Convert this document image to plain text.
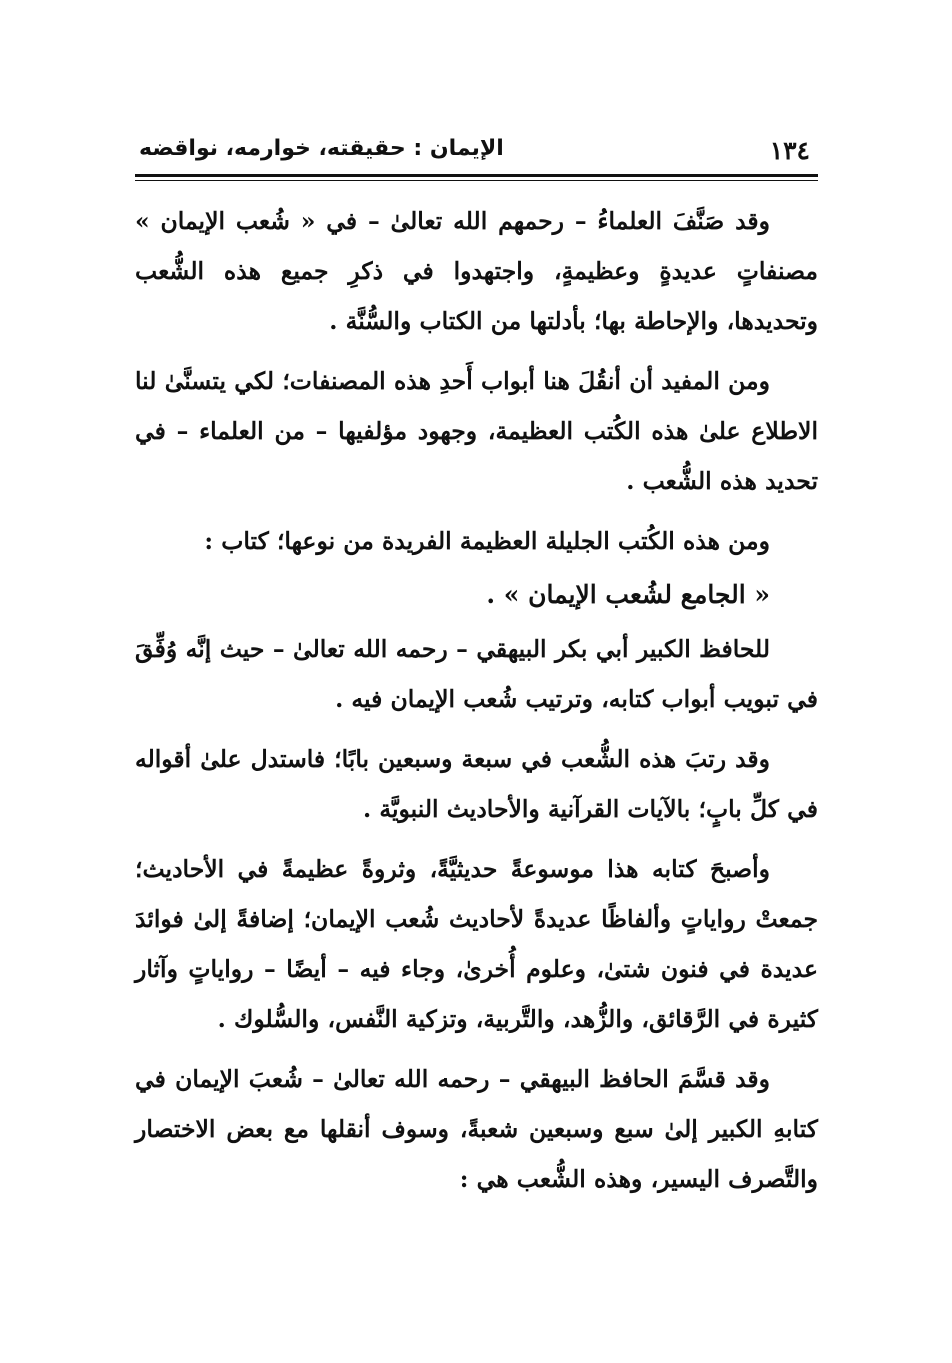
١٣٤
الإيمان : حقيقته، خوارمه، نواقضه

وقد صَنَّفَ العلماءُ – رحمهم الله تعالىٰ – في « شُعب الإيمان » مصنفاتٍ عديدةٍ وعظيمةٍ، واجتهدوا في ذكرِ جميع هذه الشُّعب وتحديدها، والإحاطة بها؛ بأدلتها من الكتاب والسُّنَّة .

ومن المفيد أن أنقُلَ هنا أبواب أَحدِ هذه المصنفات؛ لكي يتسنَّىٰ لنا الاطلاع علىٰ هذه الكُتب العظيمة، وجهود مؤلفيها – من العلماء – في تحديد هذه الشُّعب .

ومن هذه الكُتب الجليلة العظيمة الفريدة من نوعها؛ كتاب :

« الجامع لشُعب الإيمان » .

للحافظ الكبير أبي بكر البيهقي – رحمه الله تعالىٰ – حيث إنَّه وُفِّقَ في تبويب أبواب كتابه، وترتيب شُعب الإيمان فيه .

وقد رتبَ هذه الشُّعب في سبعة وسبعين بابًا؛ فاستدل علىٰ أقواله في كلِّ بابٍ؛ بالآيات القرآنية والأحاديث النبويَّة .

وأصبحَ كتابه هذا موسوعةً حديثيَّةً، وثروةً عظيمةً في الأحاديث؛ جمعتْ رواياتٍ وألفاظًا عديدةً لأحاديث شُعب الإيمان؛ إضافةً إلىٰ فوائدَ عديدة في فنون شتىٰ، وعلوم أُخرىٰ، وجاء فيه – أيضًا – رواياتٍ وآثار كثيرة في الرَّقائق، والزُّهد، والتَّربية، وتزكية النَّفس، والسُّلوك .

وقد قسَّمَ الحافظ البيهقي – رحمه الله تعالىٰ – شُعبَ الإيمان في كتابهِ الكبير إلىٰ سبع وسبعين شعبةً، وسوف أنقلها مع بعض الاختصار والتَّصرف اليسير، وهذه الشُّعب هي :
